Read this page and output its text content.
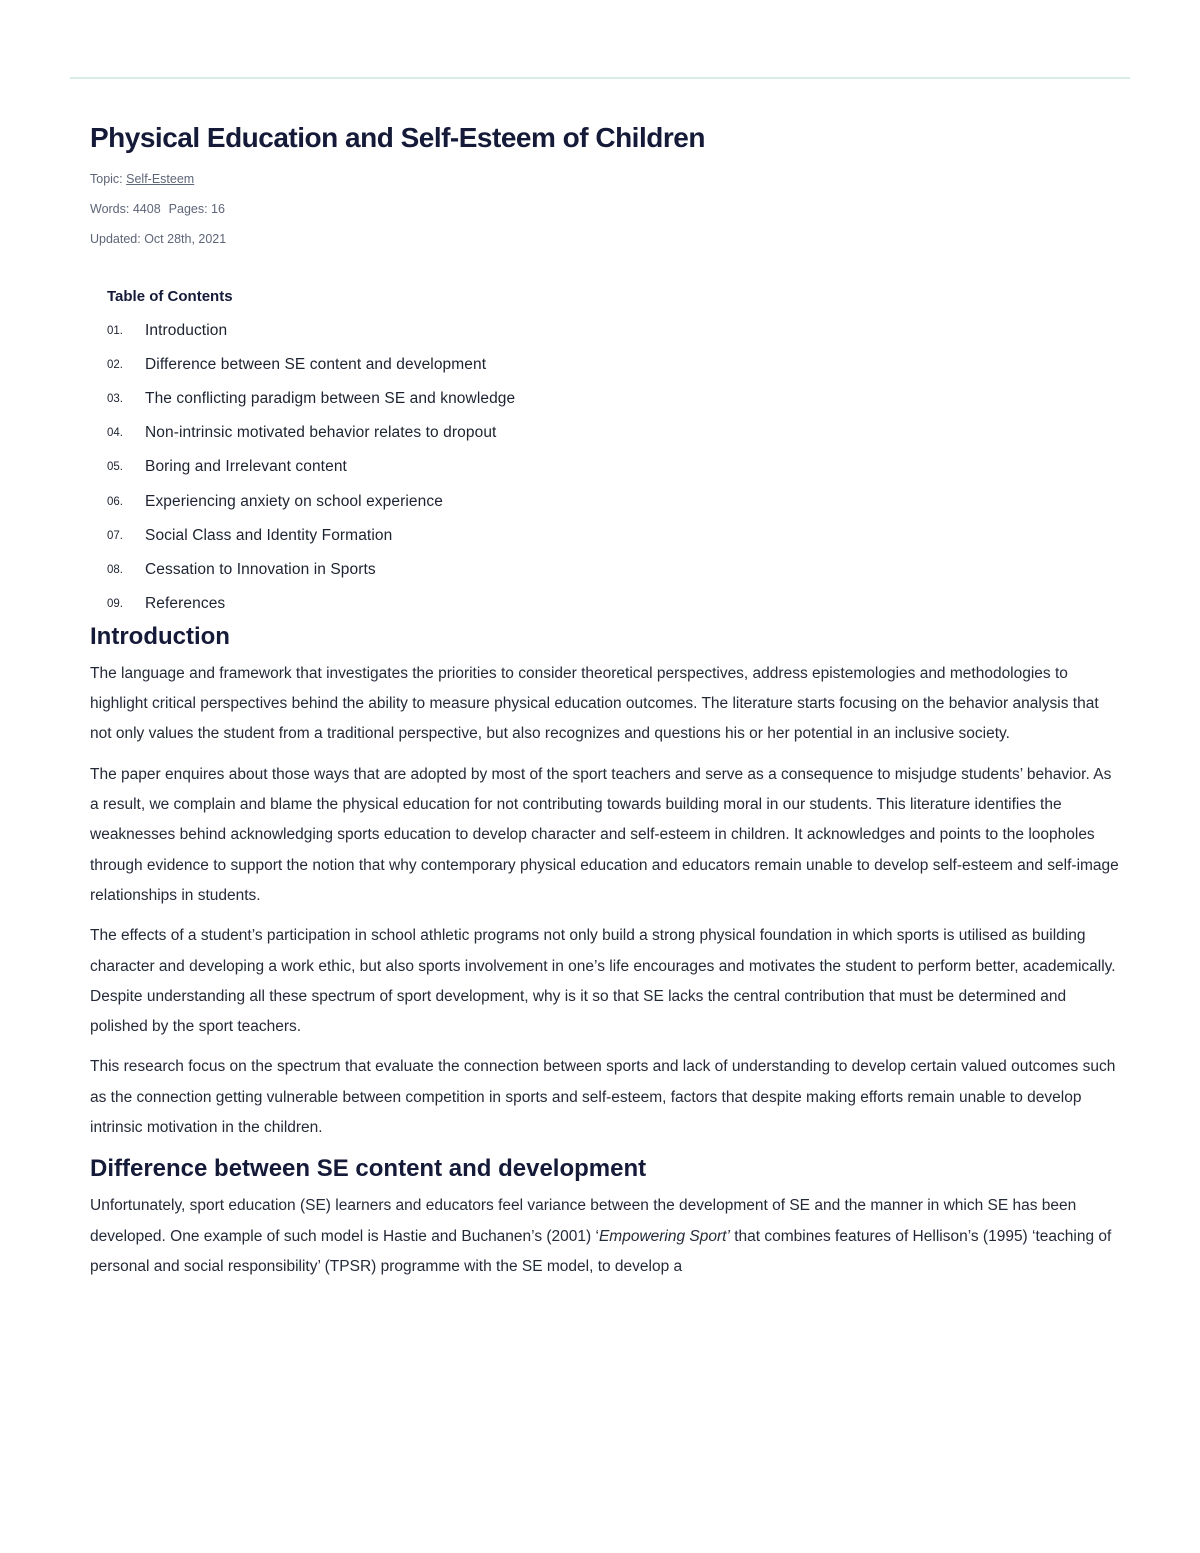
Physical Education and Self-Esteem of Children
Topic: Self-Esteem
Words: 4408 Pages: 16
Updated: Oct 28th, 2021
Table of Contents
01.	Introduction
02.	Difference between SE content and development
03.	The conflicting paradigm between SE and knowledge
04.	Non-intrinsic motivated behavior relates to dropout
05.	Boring and Irrelevant content
06.	Experiencing anxiety on school experience
07.	Social Class and Identity Formation
08.	Cessation to Innovation in Sports
09.	References
Introduction

The language and framework that investigates the priorities to consider theoretical perspectives, address epistemologies and methodologies to highlight critical perspectives behind the ability to measure physical education outcomes. The literature starts focusing on the behavior analysis that not only values the student from a traditional perspective, but also recognizes and questions his or her potential in an inclusive society.

The paper enquires about those ways that are adopted by most of the sport teachers and serve as a consequence to misjudge students’ behavior. As a result, we complain and blame the physical education for not contributing towards building moral in our students. This literature identifies the weaknesses behind acknowledging sports education to develop character and self-esteem in children. It acknowledges and points to the loopholes through evidence to support the notion that why contemporary physical education and educators remain unable to develop self-esteem and self-image relationships in students.

The effects of a student’s participation in school athletic programs not only build a strong physical foundation in which sports is utilised as building character and developing a work ethic, but also sports involvement in one’s life encourages and motivates the student to perform better, academically. Despite understanding all these spectrum of sport development, why is it so that SE lacks the central contribution that must be determined and polished by the sport teachers.

This research focus on the spectrum that evaluate the connection between sports and lack of understanding to develop certain valued outcomes such as the connection getting vulnerable between competition in sports and self-esteem, factors that despite making efforts remain unable to develop intrinsic motivation in the children.

Difference between SE content and development

Unfortunately, sport education (SE) learners and educators feel variance between the development of SE and the manner in which SE has been developed. One example of such model is Hastie and Buchanen’s (2001) ‘Empowering Sport’ that combines features of Hellison’s (1995) ‘teaching of personal and social responsibility’ (TPSR) programme with the SE model, to develop a
